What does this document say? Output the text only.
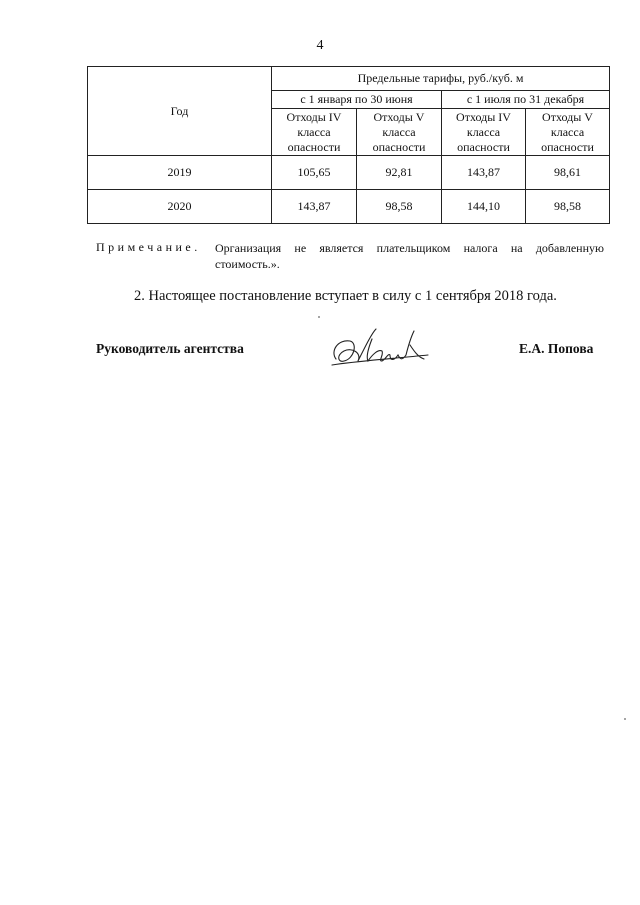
4
Год	Предельные тарифы, руб./куб. м			
	с 1 января по 30 июня		с 1 июля по 31 декабря	
	Отходы IV класса опасности	Отходы V класса опасности	Отходы IV класса опасности	Отходы V класса опасности
2019	105,65	92,81	143,87	98,61
2020	143,87	98,58	144,10	98,58
Примечание. Организация не является плательщиком налога на добавленную стоимость.».
2. Настоящее постановление вступает в силу с 1 сентября 2018 года.
Руководитель агентства	Е.А. Попова
